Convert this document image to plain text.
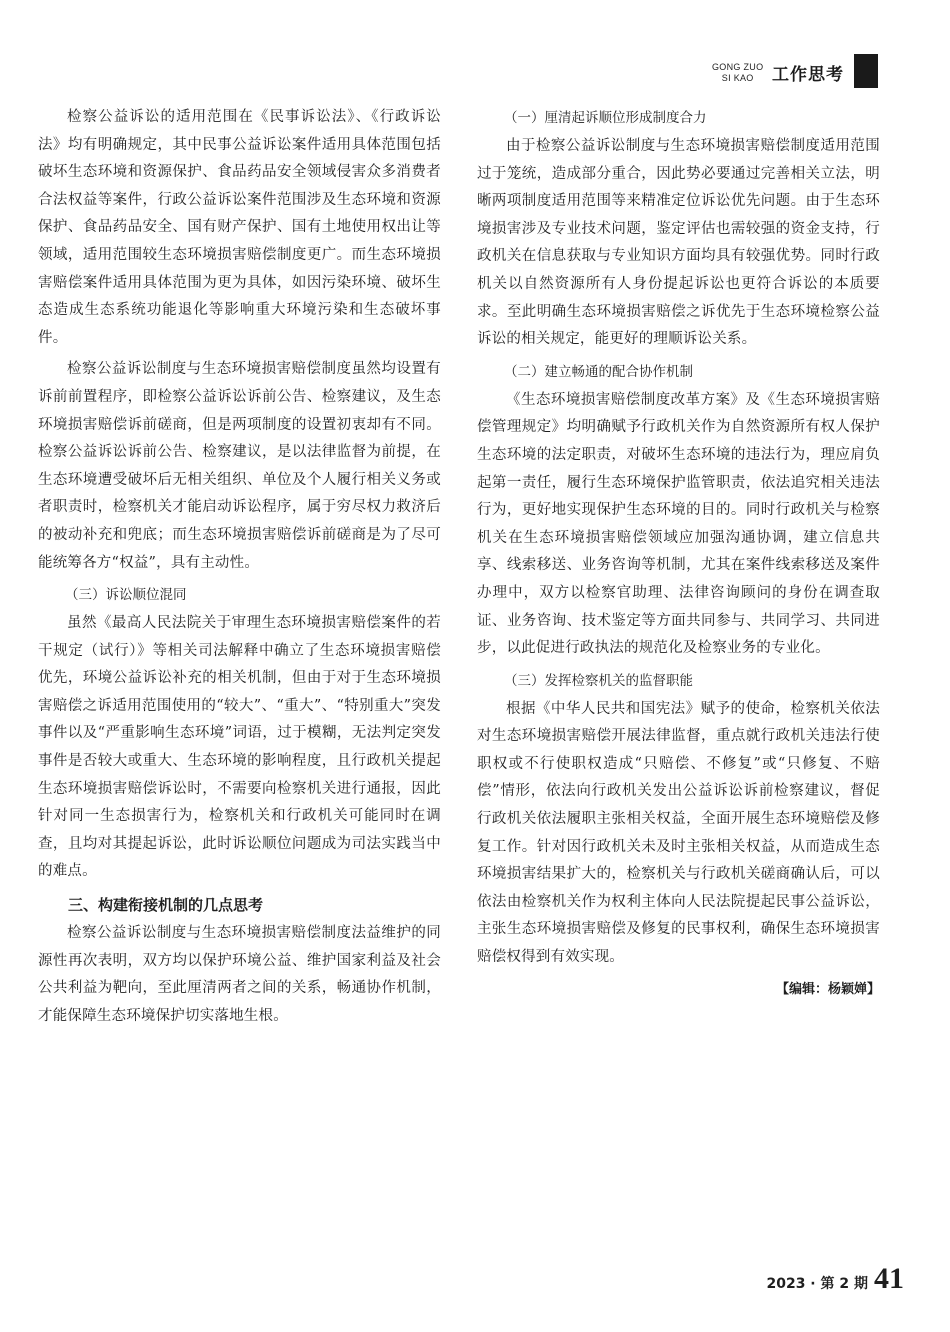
GONG ZUO
SI KAO	工作思考

检察公益诉讼的适用范围在《民事诉讼法》、《行政诉讼法》均有明确规定，其中民事公益诉讼案件适用具体范围包括破坏生态环境和资源保护、食品药品安全领域侵害众多消费者合法权益等案件，行政公益诉讼案件范围涉及生态环境和资源保护、食品药品安全、国有财产保护、国有土地使用权出让等领域，适用范围较生态环境损害赔偿制度更广。而生态环境损害赔偿案件适用具体范围为更为具体，如因污染环境、破坏生态造成生态系统功能退化等影响重大环境污染和生态破坏事件。

检察公益诉讼制度与生态环境损害赔偿制度虽然均设置有诉前前置程序，即检察公益诉讼诉前公告、检察建议，及生态环境损害赔偿诉前磋商，但是两项制度的设置初衷却有不同。检察公益诉讼诉前公告、检察建议，是以法律监督为前提，在生态环境遭受破坏后无相关组织、单位及个人履行相关义务或者职责时，检察机关才能启动诉讼程序，属于穷尽权力救济后的被动补充和兜底；而生态环境损害赔偿诉前磋商是为了尽可能统筹各方“权益”，具有主动性。

（三）诉讼顺位混同

虽然《最高人民法院关于审理生态环境损害赔偿案件的若干规定（试行）》等相关司法解释中确立了生态环境损害赔偿优先，环境公益诉讼补充的相关机制，但由于对于生态环境损害赔偿之诉适用范围使用的“较大”、“重大”、“特别重大”突发事件以及“严重影响生态环境”词语，过于模糊，无法判定突发事件是否较大或重大、生态环境的影响程度，且行政机关提起生态环境损害赔偿诉讼时，不需要向检察机关进行通报，因此针对同一生态损害行为，检察机关和行政机关可能同时在调查，且均对其提起诉讼，此时诉讼顺位问题成为司法实践当中的难点。

三、构建衔接机制的几点思考

检察公益诉讼制度与生态环境损害赔偿制度法益维护的同源性再次表明，双方均以保护环境公益、维护国家利益及社会公共利益为靶向，至此厘清两者之间的关系，畅通协作机制，才能保障生态环境保护切实落地生根。

（一）厘清起诉顺位形成制度合力

由于检察公益诉讼制度与生态环境损害赔偿制度适用范围过于笼统，造成部分重合，因此势必要通过完善相关立法，明晰两项制度适用范围等来精准定位诉讼优先问题。由于生态环境损害涉及专业技术问题，鉴定评估也需较强的资金支持，行政机关在信息获取与专业知识方面均具有较强优势。同时行政机关以自然资源所有人身份提起诉讼也更符合诉讼的本质要求。至此明确生态环境损害赔偿之诉优先于生态环境检察公益诉讼的相关规定，能更好的理顺诉讼关系。

（二）建立畅通的配合协作机制

《生态环境损害赔偿制度改革方案》及《生态环境损害赔偿管理规定》均明确赋予行政机关作为自然资源所有权人保护生态环境的法定职责，对破坏生态环境的违法行为，理应肩负起第一责任，履行生态环境保护监管职责，依法追究相关违法行为，更好地实现保护生态环境的目的。同时行政机关与检察机关在生态环境损害赔偿领域应加强沟通协调，建立信息共享、线索移送、业务咨询等机制，尤其在案件线索移送及案件办理中，双方以检察官助理、法律咨询顾问的身份在调查取证、业务咨询、技术鉴定等方面共同参与、共同学习、共同进步，以此促进行政执法的规范化及检察业务的专业化。

（三）发挥检察机关的监督职能

根据《中华人民共和国宪法》赋予的使命，检察机关依法对生态环境损害赔偿开展法律监督，重点就行政机关违法行使职权或不行使职权造成“只赔偿、不修复”或“只修复、不赔偿”情形，依法向行政机关发出公益诉讼诉前检察建议，督促行政机关依法履职主张相关权益，全面开展生态环境赔偿及修复工作。针对因行政机关未及时主张相关权益，从而造成生态环境损害结果扩大的，检察机关与行政机关磋商确认后，可以依法由检察机关作为权利主体向人民法院提起民事公益诉讼，主张生态环境损害赔偿及修复的民事权利，确保生态环境损害赔偿权得到有效实现。

【编辑：杨颖婵】

2023 · 第 2 期 41
